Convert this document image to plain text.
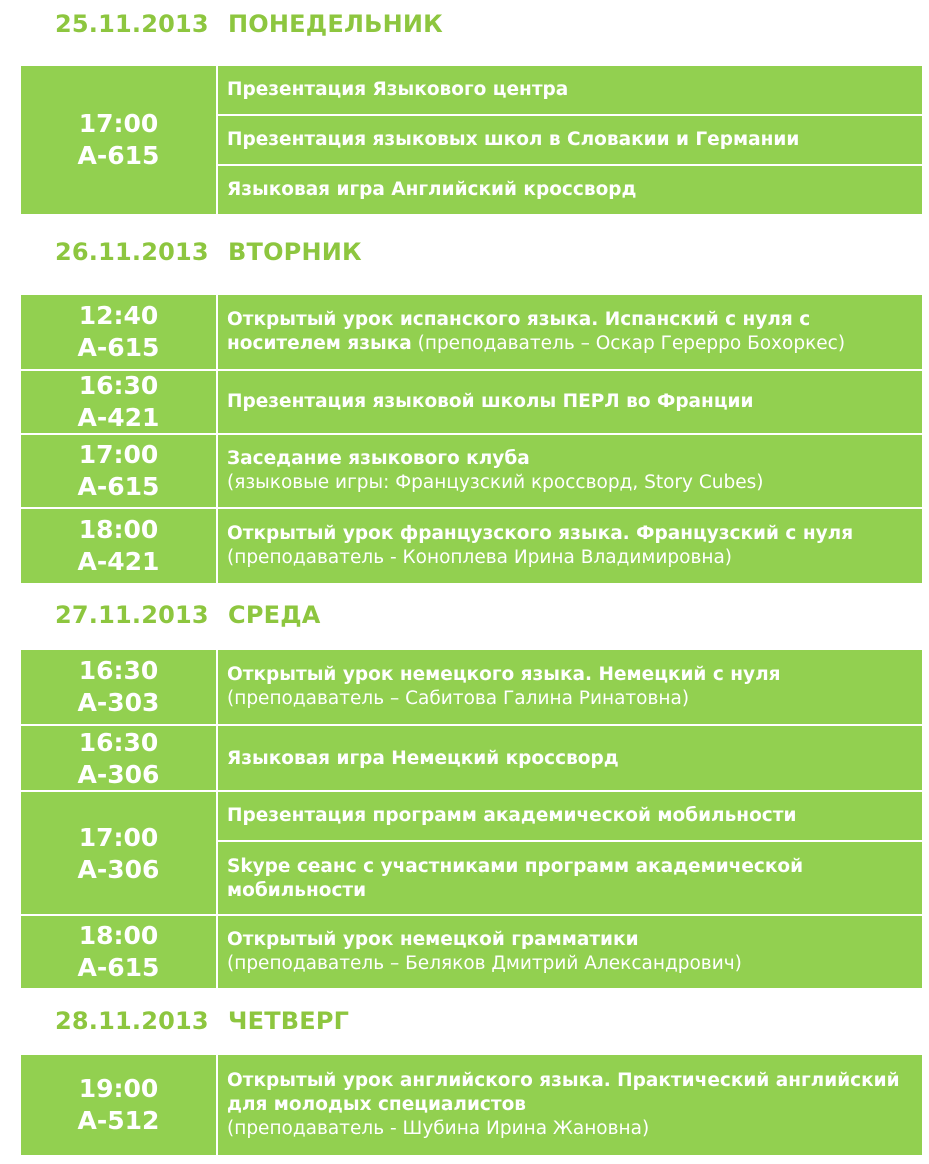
25.11.2013 ПОНЕДЕЛЬНИК
17:00
А-615
Презентация Языкового центра
Презентация языковых школ в Словакии и Германии
Языковая игра Английский кроссворд
26.11.2013 ВТОРНИК
12:40
А-615
Открытый урок испанского языка. Испанский с нуля с носителем языка (преподаватель – Оскар Герерро Бохоркес)
16:30
А-421
Презентация языковой школы ПЕРЛ во Франции
17:00
А-615
Заседание языкового клуба
(языковые игры: Французский кроссворд, Story Cubes)
18:00
А-421
Открытый урок французского языка. Французский с нуля
(преподаватель - Коноплева Ирина Владимировна)
27.11.2013 СРЕДА
16:30
А-303
Открытый урок немецкого языка. Немецкий с нуля
(преподаватель – Сабитова Галина Ринатовна)
16:30
А-306
Языковая игра Немецкий кроссворд
17:00
А-306
Презентация программ академической мобильности
Skype сеанс с участниками программ академической мобильности
18:00
А-615
Открытый урок немецкой грамматики
(преподаватель – Беляков Дмитрий Александрович)
28.11.2013 ЧЕТВЕРГ
19:00
А-512
Открытый урок английского языка. Практический английский для молодых специалистов
(преподаватель - Шубина Ирина Жановна)
